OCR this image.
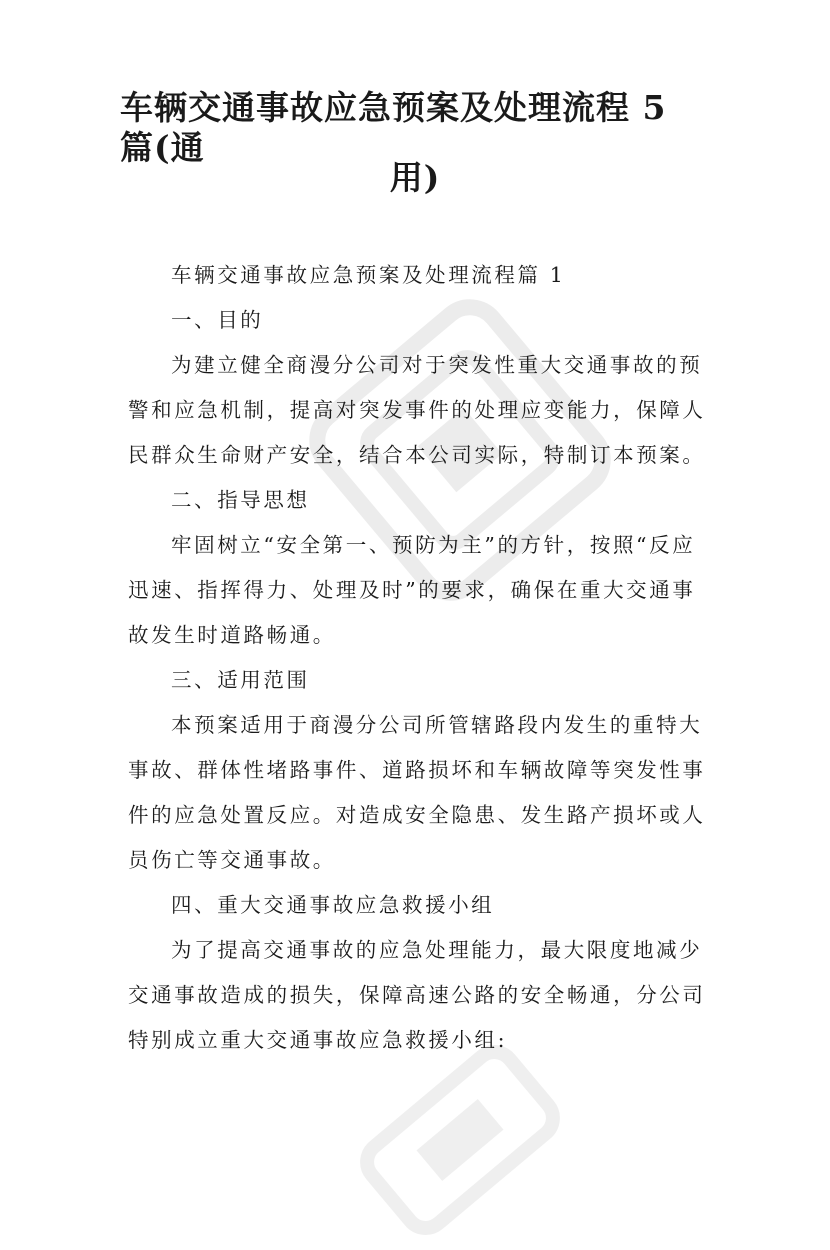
车辆交通事故应急预案及处理流程 5 篇(通
用)

车辆交通事故应急预案及处理流程篇 1

一、目的

为建立健全商漫分公司对于突发性重大交通事故的预警和应急机制，提高对突发事件的处理应变能力，保障人民群众生命财产安全，结合本公司实际，特制订本预案。

二、指导思想

牢固树立“安全第一、预防为主”的方针，按照“反应迅速、指挥得力、处理及时”的要求，确保在重大交通事故发生时道路畅通。

三、适用范围

本预案适用于商漫分公司所管辖路段内发生的重特大事故、群体性堵路事件、道路损坏和车辆故障等突发性事件的应急处置反应。对造成安全隐患、发生路产损坏或人员伤亡等交通事故。

四、重大交通事故应急救援小组

为了提高交通事故的应急处理能力，最大限度地减少交通事故造成的损失，保障高速公路的安全畅通，分公司特别成立重大交通事故应急救援小组:
